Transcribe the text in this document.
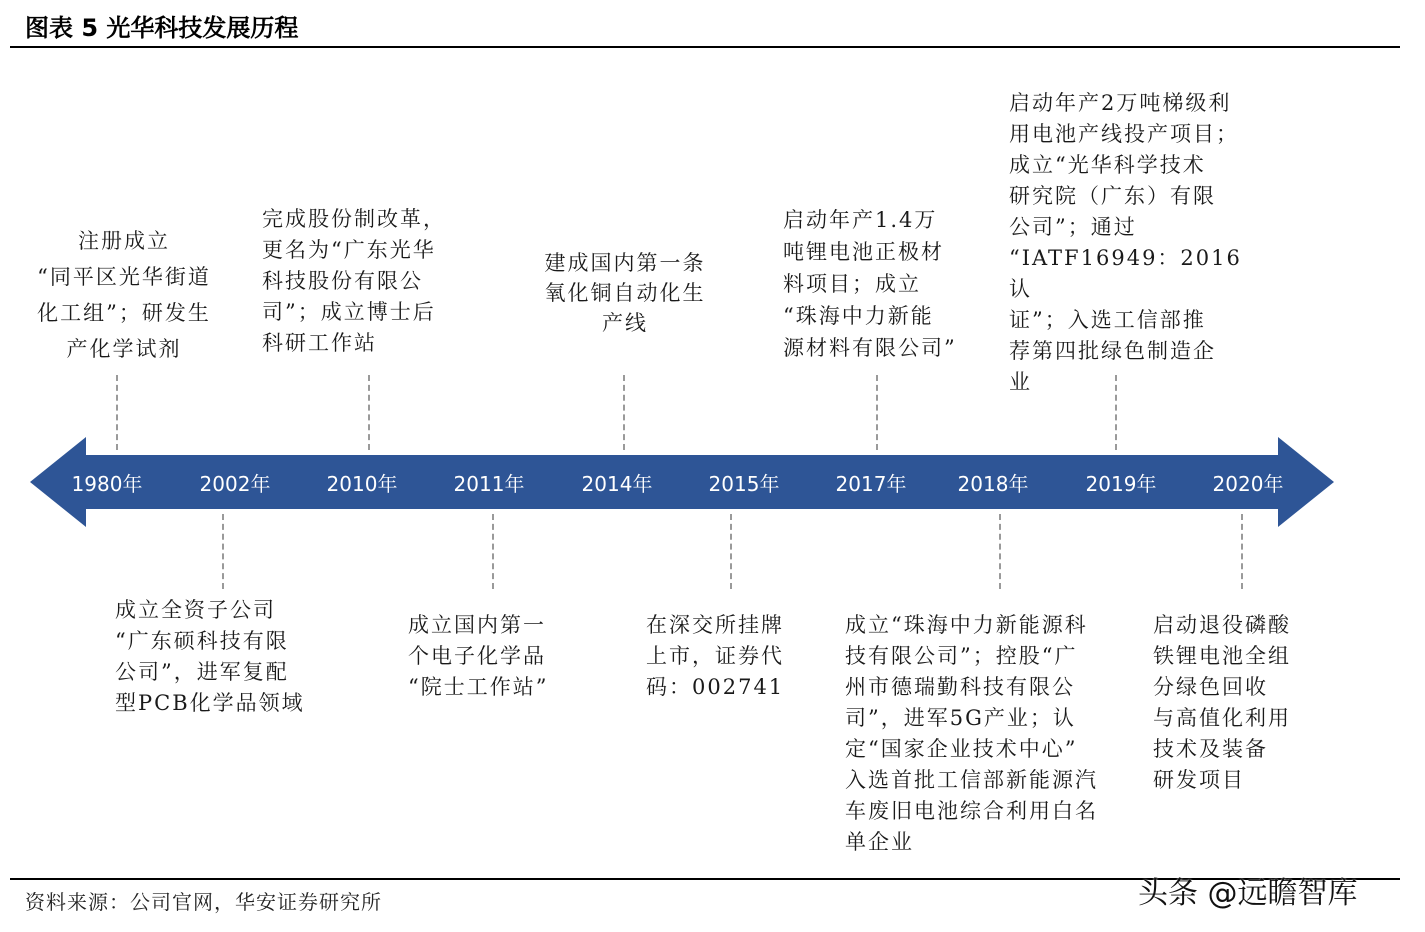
图表 5 光华科技发展历程
1980年	2002年	2010年	2011年	2014年	2015年	2017年	2018年	2019年	2020年
注册成立
“同平区光华街道
化工组”；研发生
产化学试剂
完成股份制改革，
更名为“广东光华
科技股份有限公
司”；成立博士后
科研工作站
建成国内第一条
氧化铜自动化生
产线
启动年产1.4万
吨锂电池正极材
料项目；成立
“珠海中力新能
源材料有限公司”
启动年产2万吨梯级利
用电池产线投产项目；
成立“光华科学技术
研究院（广东）有限
公司”；通过
“IATF16949：2016认
证”；入选工信部推
荐第四批绿色制造企
业
成立全资子公司
“广东硕科技有限
公司”，进军复配
型PCB化学品领域
成立国内第一
个电子化学品
“院士工作站”
在深交所挂牌
上市，证券代
码：002741
成立“珠海中力新能源科
技有限公司”；控股“广
州市德瑞勤科技有限公
司”，进军5G产业；认
定“国家企业技术中心”
入选首批工信部新能源汽
车废旧电池综合利用白名
单企业
启动退役磷酸
铁锂电池全组
分绿色回收
与高值化利用
技术及装备
研发项目
资料来源：公司官网，华安证券研究所	头条 @远瞻智库
